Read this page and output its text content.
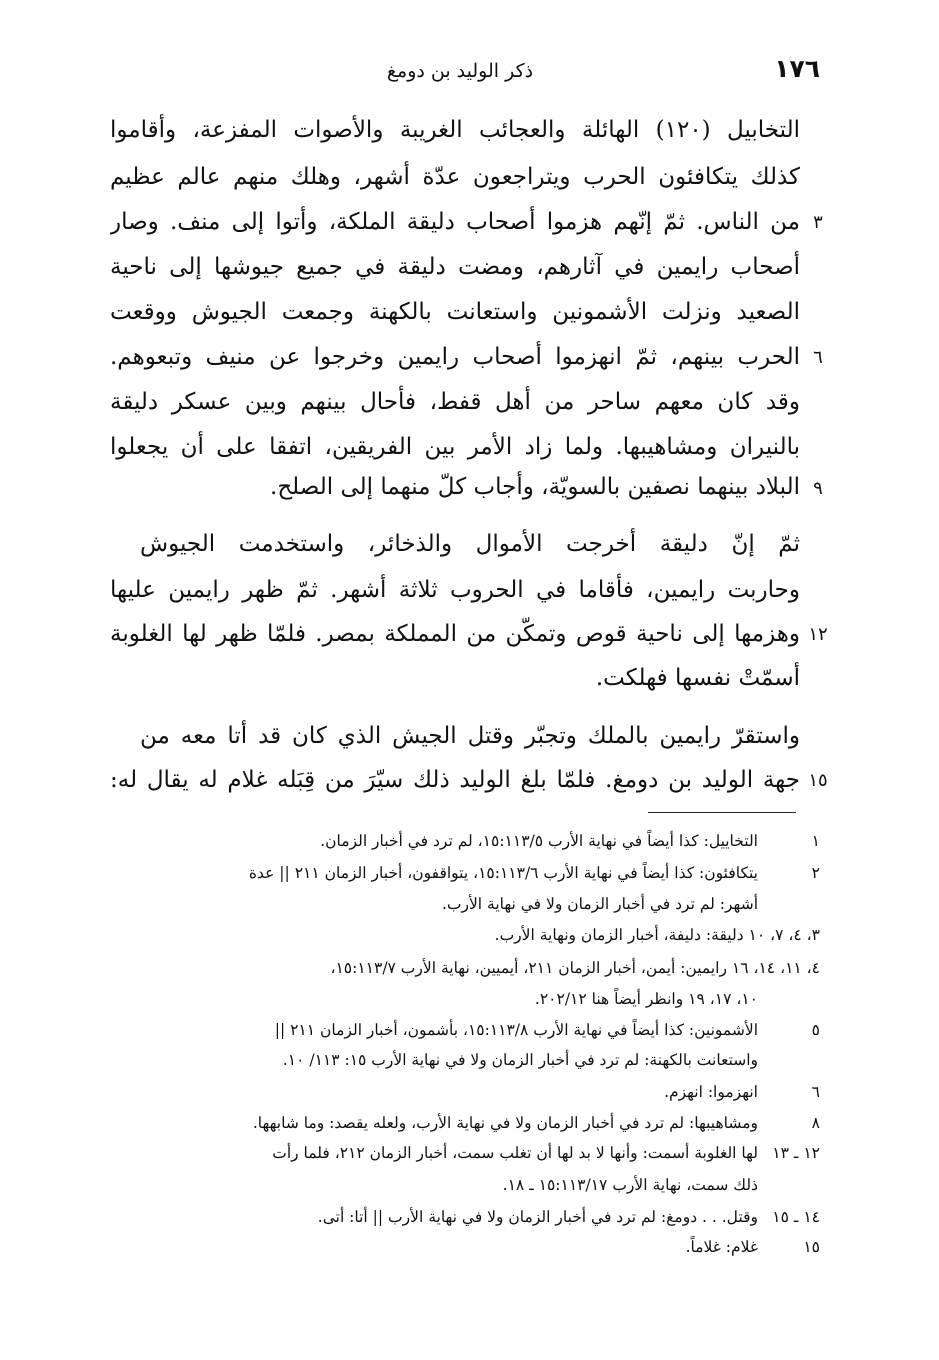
١٧٦
ذكر الوليد بن دومغ
التخابيل (١٢٠) الهائلة والعجائب الغريبة والأصوات المفزعة، وأقاموا
كذلك يتكافئون الحرب ويتراجعون عدّة أشهر، وهلك منهم عالم عظيم
من الناس. ثمّ إنّهم هزموا أصحاب دليقة الملكة، وأتوا إلى منف. وصار
أصحاب رايمين في آثارهم، ومضت دليقة في جميع جيوشها إلى ناحية
الصعيد ونزلت الأشمونين واستعانت بالكهنة وجمعت الجيوش ووقعت
الحرب بينهم، ثمّ انهزموا أصحاب رايمين وخرجوا عن منيف وتبعوهم.
وقد كان معهم ساحر من أهل قفط، فأحال بينهم وبين عسكر دليقة
بالنيران ومشاهيبها. ولما زاد الأمر بين الفريقين، اتفقا على أن يجعلوا
البلاد بينهما نصفين بالسويّة، وأجاب كلّ منهما إلى الصلح.
ثمّ إنّ دليقة أخرجت الأموال والذخائر، واستخدمت الجيوش
وحاربت رايمين، فأقاما في الحروب ثلاثة أشهر. ثمّ ظهر رايمين عليها
وهزمها إلى ناحية قوص وتمكّن من المملكة بمصر. فلمّا ظهر لها الغلوبة
أسمّتْ نفسها فهلكت.
واستقرّ رايمين بالملك وتجبّر وقتل الجيش الذي كان قد أتا معه من
جهة الوليد بن دومغ. فلمّا بلغ الوليد ذلك سيّرَ من قِبَله غلام له يقال له:
٣
٦
٩
١٢
١٥
١
التخاييل: كذا أيضاً في نهاية الأرب ١٥:١١٣/٥، لم ترد في أخبار الزمان.
٢
يتكافئون: كذا أيضاً في نهاية الأرب ١٥:١١٣/٦، يتواقفون، أخبار الزمان ٢١١ || عدة
أشهر: لم ترد في أخبار الزمان ولا في نهاية الأرب.
٣، ٤، ٧، ١٠ دليقة: دليفة، أخبار الزمان ونهاية الأرب.
٤، ١١، ١٤، ١٦ رايمين: أيمن، أخبار الزمان ٢١١، أيميين، نهاية الأرب ١٥:١١٣/٧،
١٠، ١٧، ١٩ وانظر أيضاً هنا ٢٠٢/١٢.
٥
الأشمونين: كذا أيضاً في نهاية الأرب ١٥:١١٣/٨، بأشمون، أخبار الزمان ٢١١ ||
واستعانت بالكهنة: لم ترد في أخبار الزمان ولا في نهاية الأرب ١٥: ١١٣/ ١٠.
٦
انهزموا: انهزم.
٨
ومشاهيبها: لم ترد في أخبار الزمان ولا في نهاية الأرب، ولعله يقصد: وما شابهها.
١٢ ـ ١٣
لها الغلوبة أسمت: وأنها لا بد لها أن تغلب سمت، أخبار الزمان ٢١٢، فلما رأت
ذلك سمت، نهاية الأرب ١٥:١١٣/١٧ ـ ١٨.
١٤ ـ ١٥
وقتل. . . دومغ: لم ترد في أخبار الزمان ولا في نهاية الأرب || أتا: أتى.
١٥
غلام: غلاماً.
